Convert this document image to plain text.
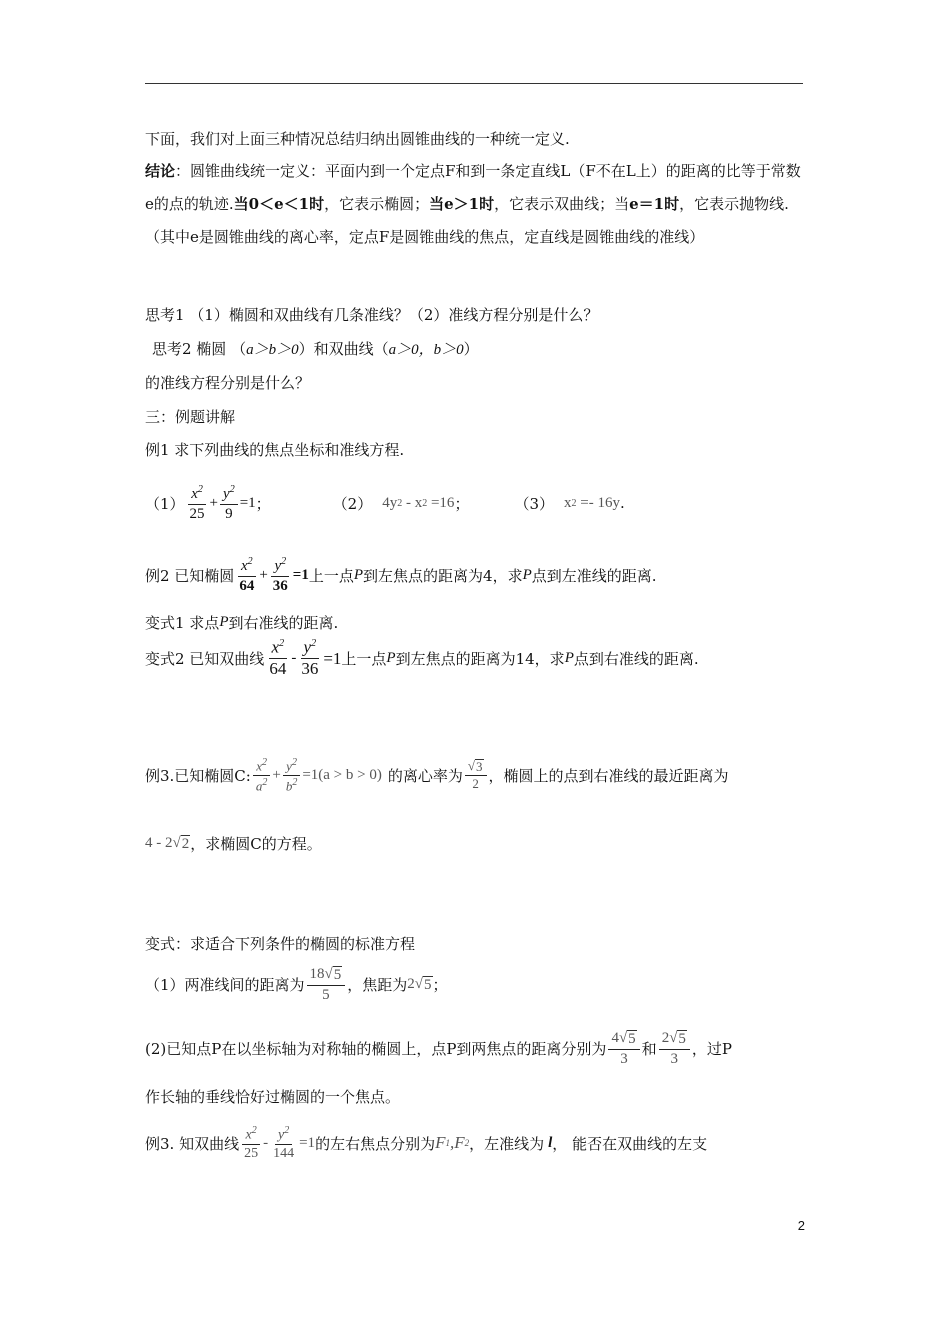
下面，我们对上面三种情况总结归纳出圆锥曲线的一种统一定义.
结论：圆锥曲线统一定义：平面内到一个定点F和到一条定直线L（F不在L上）的距离的比等于常数e的点的轨迹.当0＜e＜1时，它表示椭圆；当e＞1时，它表示双曲线；当e＝1时，它表示抛物线.（其中e是圆锥曲线的离心率，定点F是圆锥曲线的焦点，定直线是圆锥曲线的准线）
思考1 （1）椭圆和双曲线有几条准线？（2）准线方程分别是什么？
思考2 椭圆 （ a＞b＞0 ）和双曲线（ a＞0，b＞0 ）
的准线方程分别是什么？
三：例题讲解
例1 求下列曲线的焦点坐标和准线方程.
$(1) \frac{x^2}{25} + \frac{y^2}{9} =1$ ；	（2） 4y 2
- x 2
=16 ；	（3） x 2
=- 16y .
例2 已知椭圆 $\frac{x^2}{64} + \frac{y^2}{36} =1$ 上一点 P 到左焦点的距离为4，求 P 点到左准线的距离.
变式1 求点 P 到右准线的距离.
变式2 已知双曲线 $\frac{x^2}{64} - \frac{y^2}{36} =1$ 上一点 P 到左焦点的距离为14，求 P 点到右准线的距离.
例3.已知椭圆C: $\frac{x^2}{a^2} + \frac{y^2}{b^2} =1(a > b > 0)$ 的离心率为 $\frac{√ 3}{2}$ ，椭圆上的点到右准线的最近距离为
4 - 2 √ 2 ，求椭圆C的方程。
变式：求适合下列条件的椭圆的标准方程
（1）两准线间的距离为 $\frac{18√ 5}{5}$ ，焦距为 2 √ 5 ；
(2)已知点P在以坐标轴为对称轴的椭圆上，点P到两焦点的距离分别为 $\frac{4√ 5}{3}$ 和 $\frac{2√ 5}{3}$ ，过P
作长轴的垂线恰好过椭圆的一个焦点。
例3. 知双曲线 $\frac{x^2}{25} - \frac{y^2}{144} =1$ 的左右焦点分别为 F 1 , F 2 ，左准线为 l ， 能否在双曲线的左支
2
